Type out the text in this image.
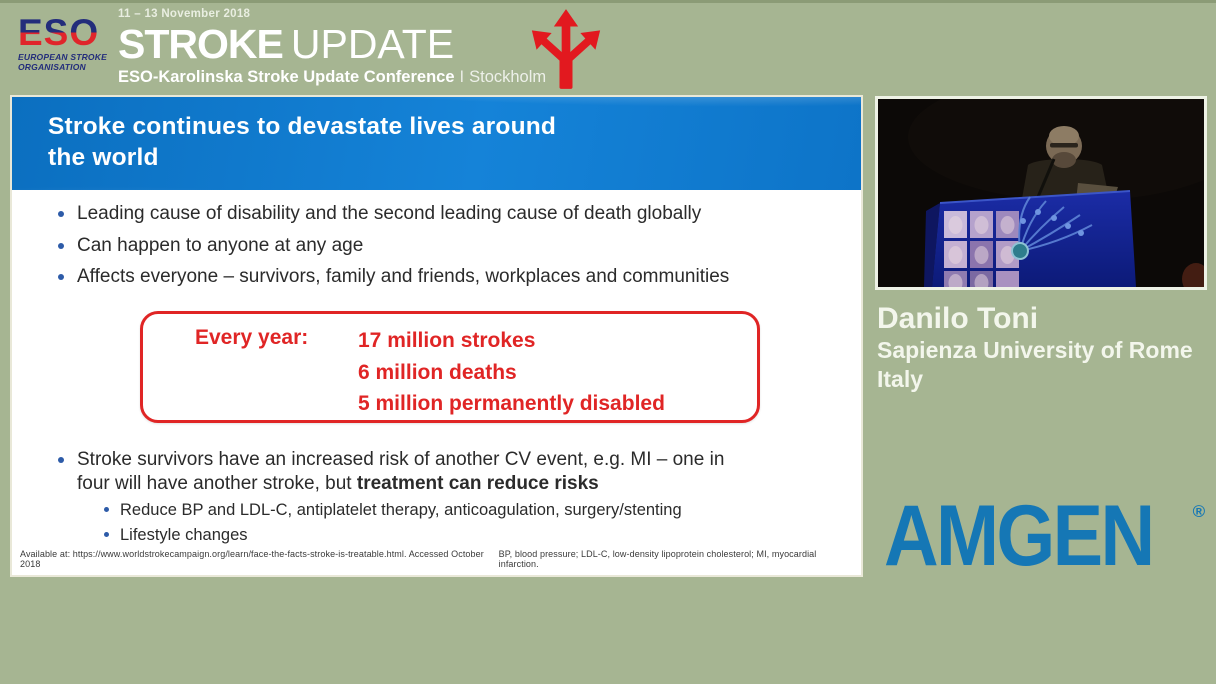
ESO
EUROPEAN STROKE
ORGANISATION
11 – 13 November 2018
STROKE UPDATE
ESO-Karolinska Stroke Update Conference I Stockholm
Stroke continues to devastate lives around
the world
Leading cause of disability and the second leading cause of death globally
Can happen to anyone at any age
Affects everyone – survivors, family and friends, workplaces and communities
Every year:	17 million strokes
6 million deaths
5 million permanently disabled
Stroke survivors have an increased risk of another CV event, e.g. MI – one in
four will have another stroke, but treatment can reduce risks
Reduce BP and LDL-C, antiplatelet therapy, anticoagulation, surgery/stenting
Lifestyle changes
Available at: https://www.worldstrokecampaign.org/learn/face-the-facts-stroke-is-treatable.html. Accessed October 2018
BP, blood pressure; LDL-C, low-density lipoprotein cholesterol; MI, myocardial infarction.
Danilo Toni
Sapienza University of Rome
Italy
AMGEN ®
